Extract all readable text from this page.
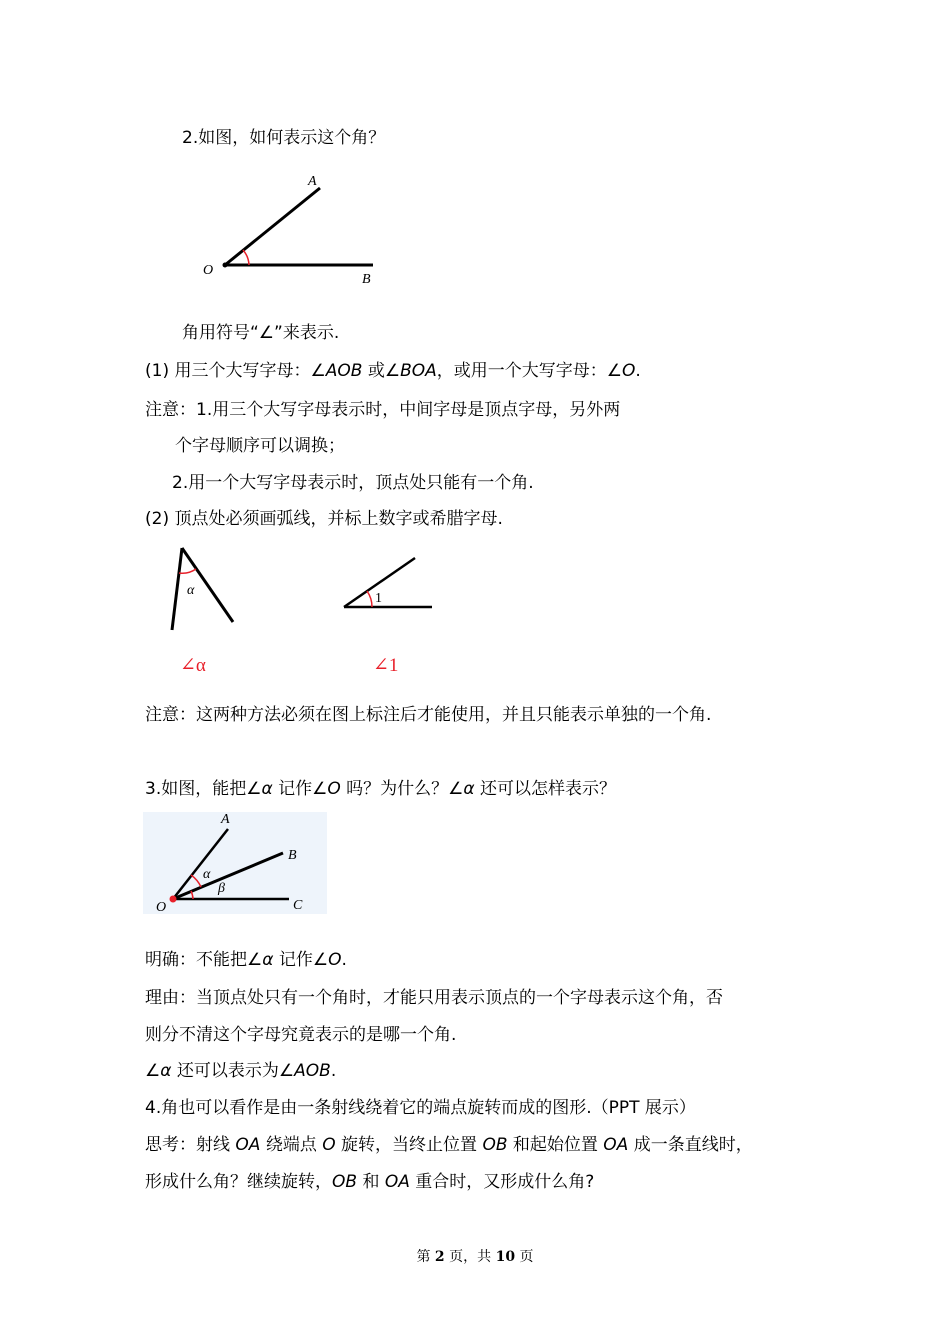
2.如图，如何表示这个角？
A
O
B
角用符号“∠”来表示.
(1) 用三个大写字母：∠AOB 或∠BOA，或用一个大写字母：∠O.
注意：1.用三个大写字母表示时，中间字母是顶点字母，另外两
个字母顺序可以调换；
2.用一个大写字母表示时，顶点处只能有一个角.
(2) 顶点处必须画弧线，并标上数字或希腊字母.
α
1
∠α	∠1
注意：这两种方法必须在图上标注后才能使用，并且只能表示单独的一个角.
3.如图，能把∠α 记作∠O 吗？为什么？∠α 还可以怎样表示？
A
B
C
O
α
β
明确：不能把∠α 记作∠O.
理由：当顶点处只有一个角时，才能只用表示顶点的一个字母表示这个角，否
则分不清这个字母究竟表示的是哪一个角.
∠α 还可以表示为∠AOB.
4.角也可以看作是由一条射线绕着它的端点旋转而成的图形.（PPT 展示）
思考：射线 OA 绕端点 O 旋转，当终止位置 OB 和起始位置 OA 成一条直线时，
形成什么角？继续旋转，OB 和 OA 重合时，又形成什么角?
第 2 页，共 10 页
